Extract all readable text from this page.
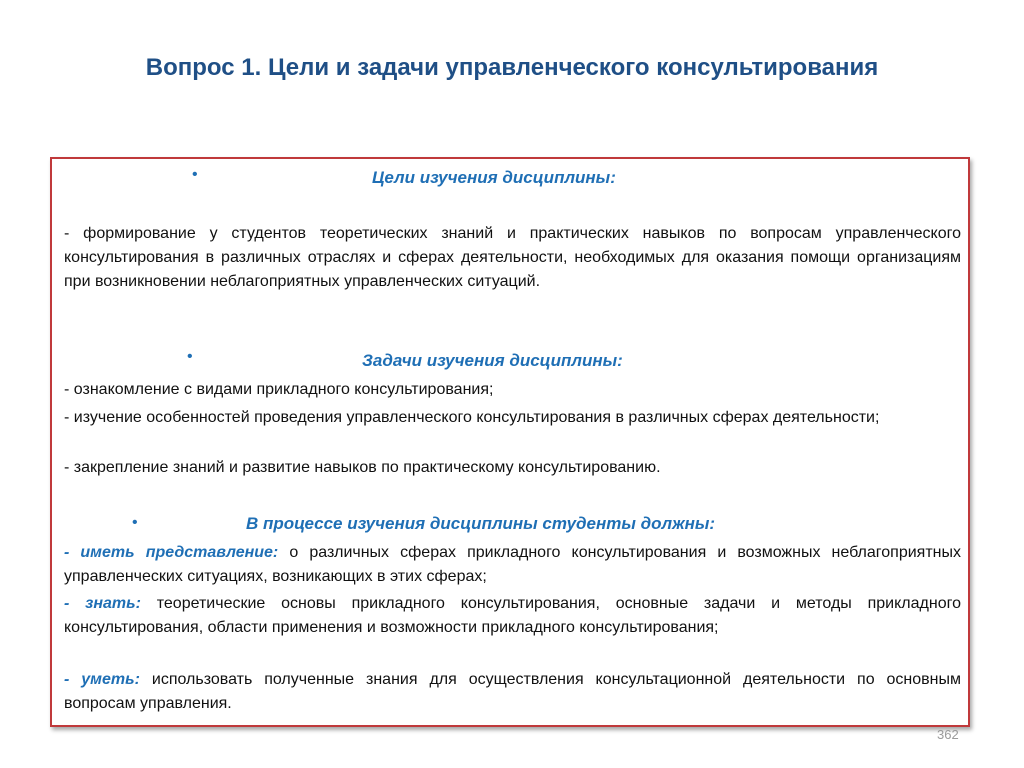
Вопрос 1. Цели и задачи управленческого консультирования
•	Цели изучения дисциплины:
- формирование у студентов теоретических знаний и практических навыков по вопросам управленческого консультирования в различных отраслях и сферах деятельности, необходимых для оказания помощи организациям при возникновении неблагоприятных управленческих ситуаций.
•	Задачи изучения дисциплины:
- ознакомление с видами прикладного консультирования;
- изучение особенностей проведения управленческого консультирования в различных сферах деятельности;
- закрепление знаний и развитие навыков по практическому консультированию.
•	В процессе изучения дисциплины студенты должны:
- иметь представление: о различных сферах прикладного консультирования и возможных неблагоприятных управленческих ситуациях, возникающих в этих сферах;
- знать: теоретические основы прикладного консультирования, основные задачи и методы прикладного консультирования, области применения и возможности прикладного консультирования;
- уметь: использовать полученные знания для осуществления консультационной деятельности по основным вопросам управления.
362
